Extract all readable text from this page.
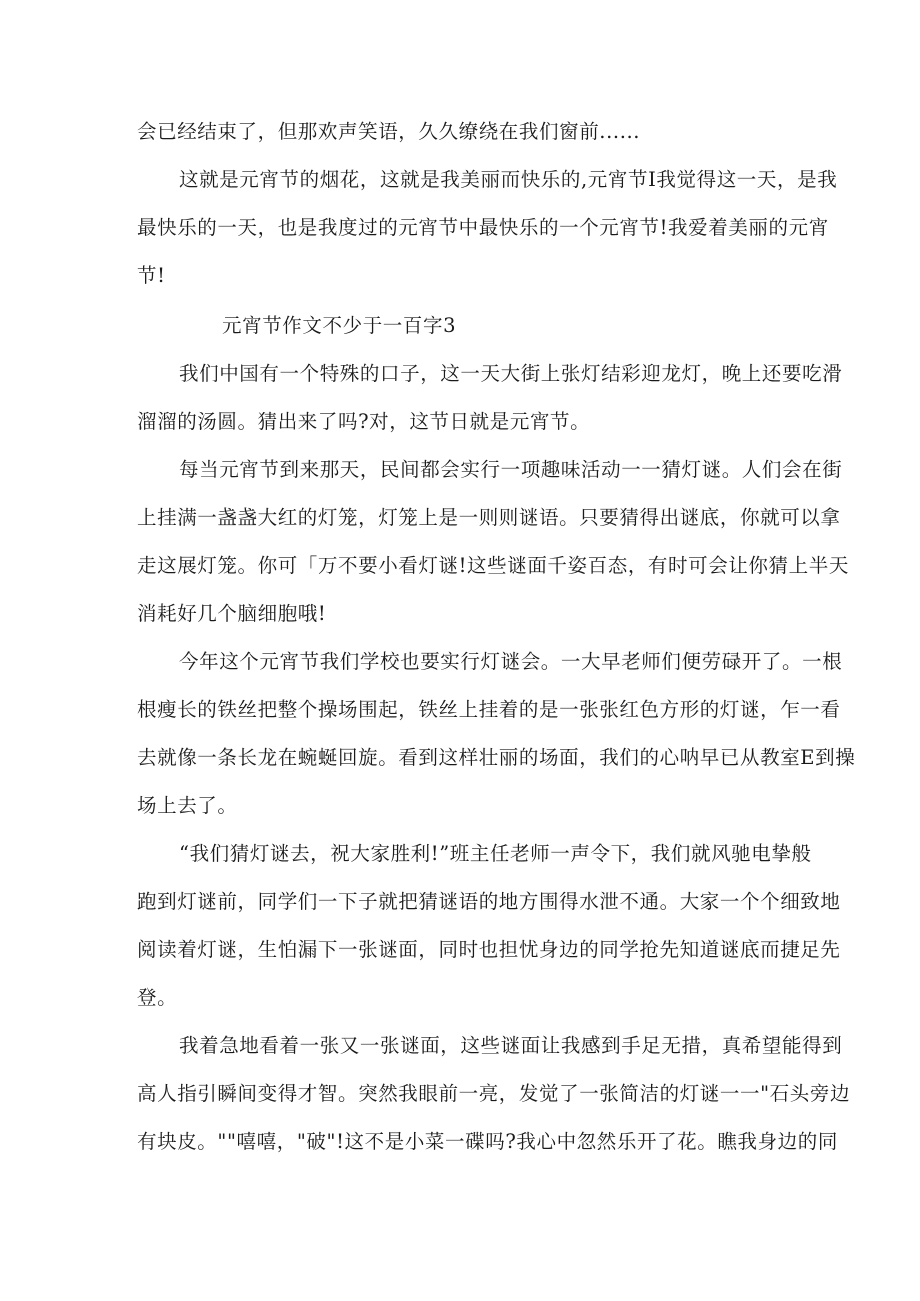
会已经结束了，但那欢声笑语，久久缭绕在我们窗前......

这就是元宵节的烟花，这就是我美丽而快乐的,元宵节I我觉得这一天，是我
最快乐的一天，也是我度过的元宵节中最快乐的一个元宵节!我爱着美丽的元宵
节!

元宵节作文不少于一百字3

我们中国有一个特殊的口子，这一天大街上张灯结彩迎龙灯，晚上还要吃滑
溜溜的汤圆。猜出来了吗?对，这节日就是元宵节。

每当元宵节到来那天，民间都会实行一项趣味活动一一猜灯谜。人们会在街
上挂满一盏盏大红的灯笼，灯笼上是一则则谜语。只要猜得出谜底，你就可以拿
走这展灯笼。你可「万不要小看灯谜!这些谜面千姿百态，有时可会让你猜上半天
消耗好几个脑细胞哦!

今年这个元宵节我们学校也要实行灯谜会。一大早老师们便劳碌开了。一根
根瘦长的铁丝把整个操场围起，铁丝上挂着的是一张张红色方形的灯谜，乍一看
去就像一条长龙在蜿蜒回旋。看到这样壮丽的场面，我们的心呐早已从教室E到操
场上去了。

“我们猜灯谜去，祝大家胜利!”班主任老师一声令下，我们就风驰电挚般
跑到灯谜前，同学们一下子就把猜谜语的地方围得水泄不通。大家一个个细致地
阅读着灯谜，生怕漏下一张谜面，同时也担忧身边的同学抢先知道谜底而捷足先
登。

我着急地看着一张又一张谜面，这些谜面让我感到手足无措，真希望能得到
高人指引瞬间变得才智。突然我眼前一亮，发觉了一张简洁的灯谜一一"石头旁边
有块皮。""嘻嘻，"破"!这不是小菜一碟吗?我心中忽然乐开了花。瞧我身边的同
